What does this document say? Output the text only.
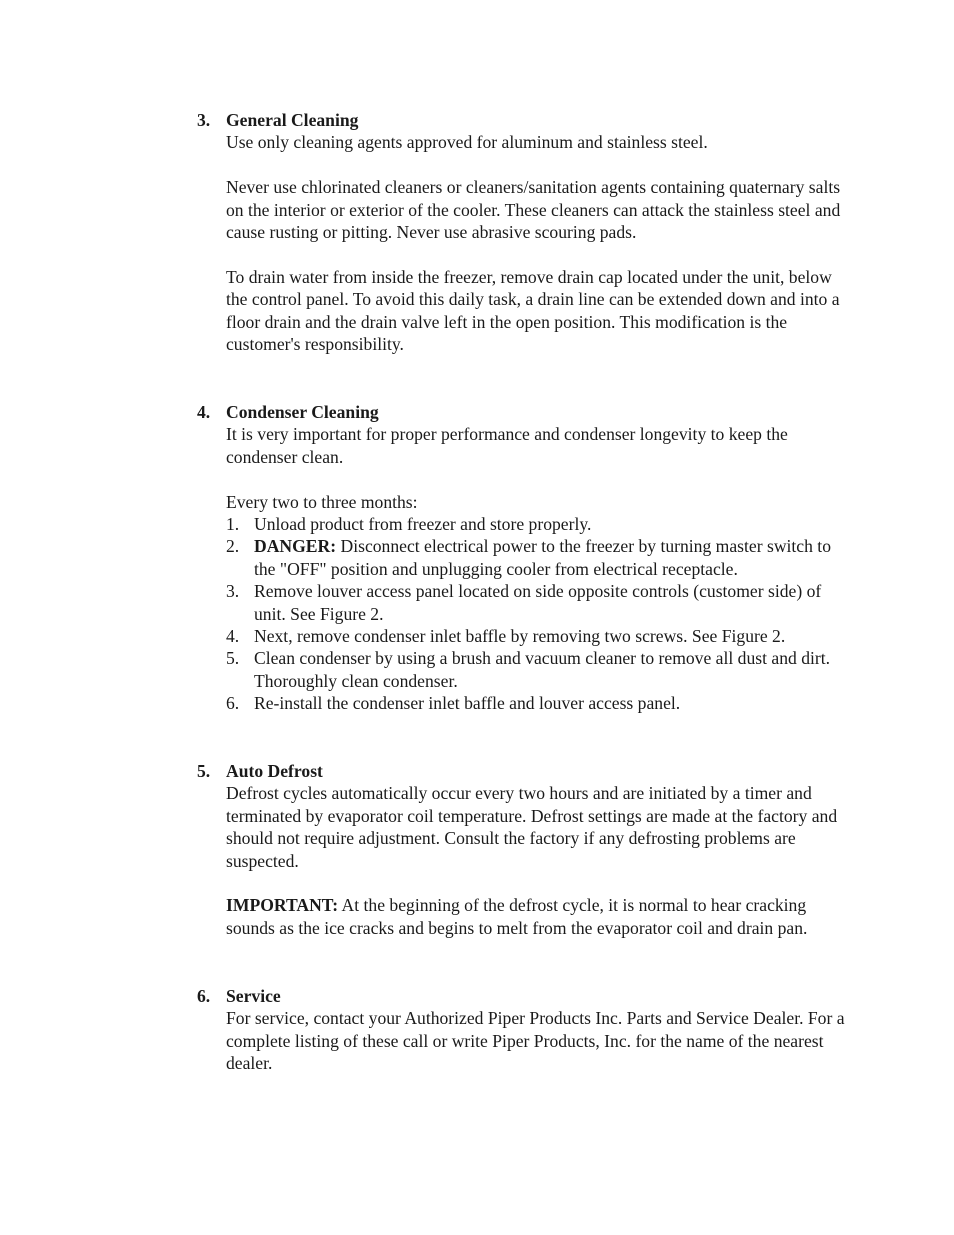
3. General Cleaning
Use only cleaning agents approved for aluminum and stainless steel.
Never use chlorinated cleaners or cleaners/sanitation agents containing quaternary salts on the interior or exterior of the cooler. These cleaners can attack the stainless steel and cause rusting or pitting. Never use abrasive scouring pads.
To drain water from inside the freezer, remove drain cap located under the unit, below the control panel. To avoid this daily task, a drain line can be extended down and into a floor drain and the drain valve left in the open position. This modification is the customer's responsibility.
4. Condenser Cleaning
It is very important for proper performance and condenser longevity to keep the condenser clean.
Every two to three months:
1. Unload product from freezer and store properly.
2. DANGER: Disconnect electrical power to the freezer by turning master switch to the "OFF" position and unplugging cooler from electrical receptacle.
3. Remove louver access panel located on side opposite controls (customer side) of unit. See Figure 2.
4. Next, remove condenser inlet baffle by removing two screws. See Figure 2.
5. Clean condenser by using a brush and vacuum cleaner to remove all dust and dirt. Thoroughly clean condenser.
6. Re-install the condenser inlet baffle and louver access panel.
5. Auto Defrost
Defrost cycles automatically occur every two hours and are initiated by a timer and terminated by evaporator coil temperature. Defrost settings are made at the factory and should not require adjustment. Consult the factory if any defrosting problems are suspected.
IMPORTANT: At the beginning of the defrost cycle, it is normal to hear cracking sounds as the ice cracks and begins to melt from the evaporator coil and drain pan.
6. Service
For service, contact your Authorized Piper Products Inc. Parts and Service Dealer. For a complete listing of these call or write Piper Products, Inc. for the name of the nearest dealer.
